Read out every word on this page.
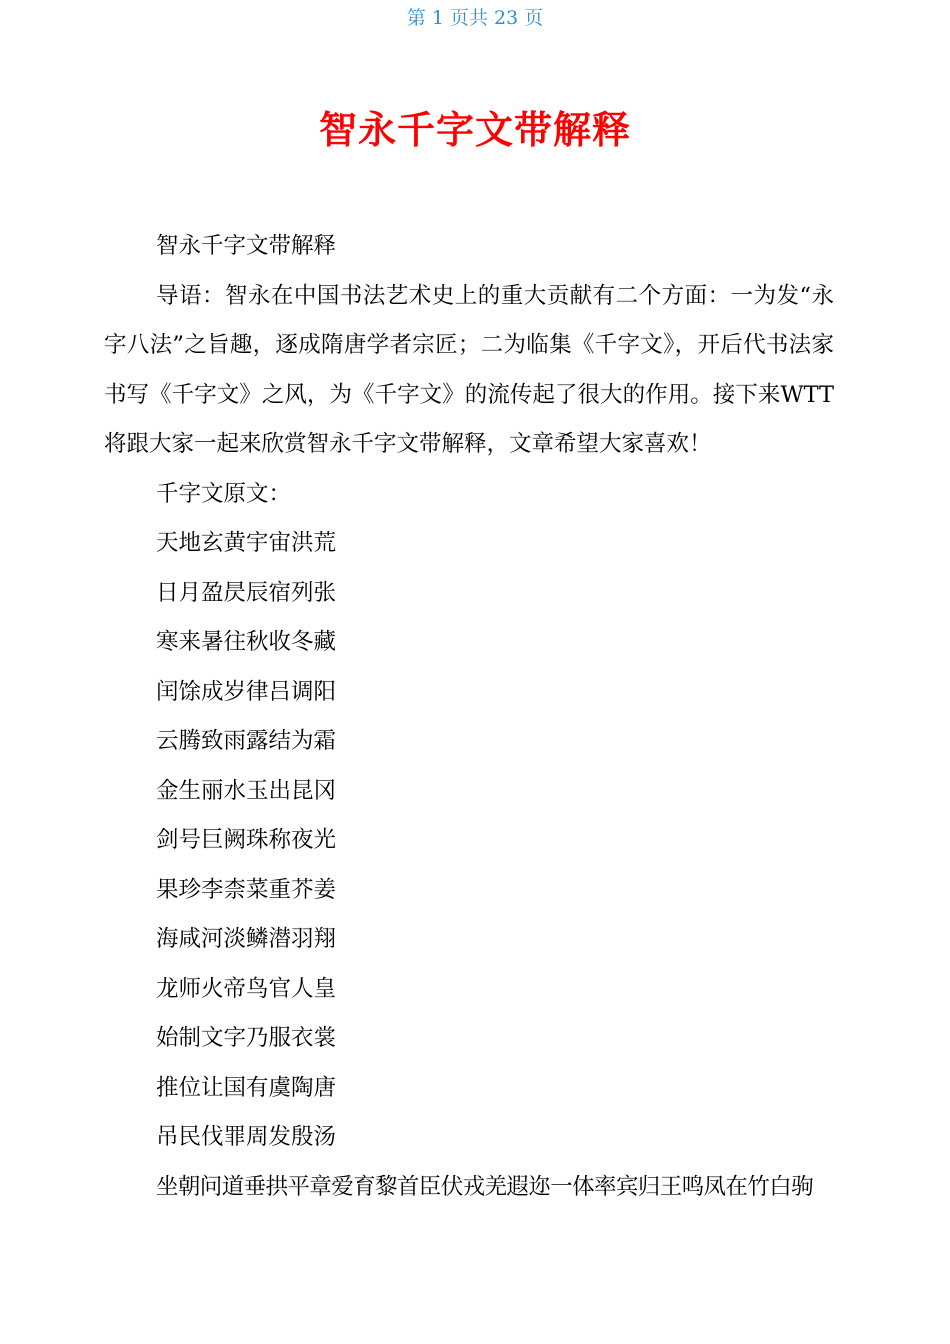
第 1 页共 23 页
智永千字文带解释

智永千字文带解释

导语：智永在中国书法艺术史上的重大贡献有二个方面：一为发“永字八法”之旨趣，逐成隋唐学者宗匠；二为临集《千字文》，开后代书法家书写《千字文》之风，为《千字文》的流传起了很大的作用。接下来WTT将跟大家一起来欣赏智永千字文带解释，文章希望大家喜欢！

千字文原文：

天地玄黄宇宙洪荒

日月盈昃辰宿列张

寒来暑往秋收冬藏

闰馀成岁律吕调阳

云腾致雨露结为霜

金生丽水玉出昆冈

剑号巨阙珠称夜光

果珍李柰菜重芥姜

海咸河淡鳞潜羽翔

龙师火帝鸟官人皇

始制文字乃服衣裳

推位让国有虞陶唐

吊民伐罪周发殷汤

坐朝问道垂拱平章爱育黎首臣伏戎羌遐迩一体率宾归王鸣凤在竹白驹
